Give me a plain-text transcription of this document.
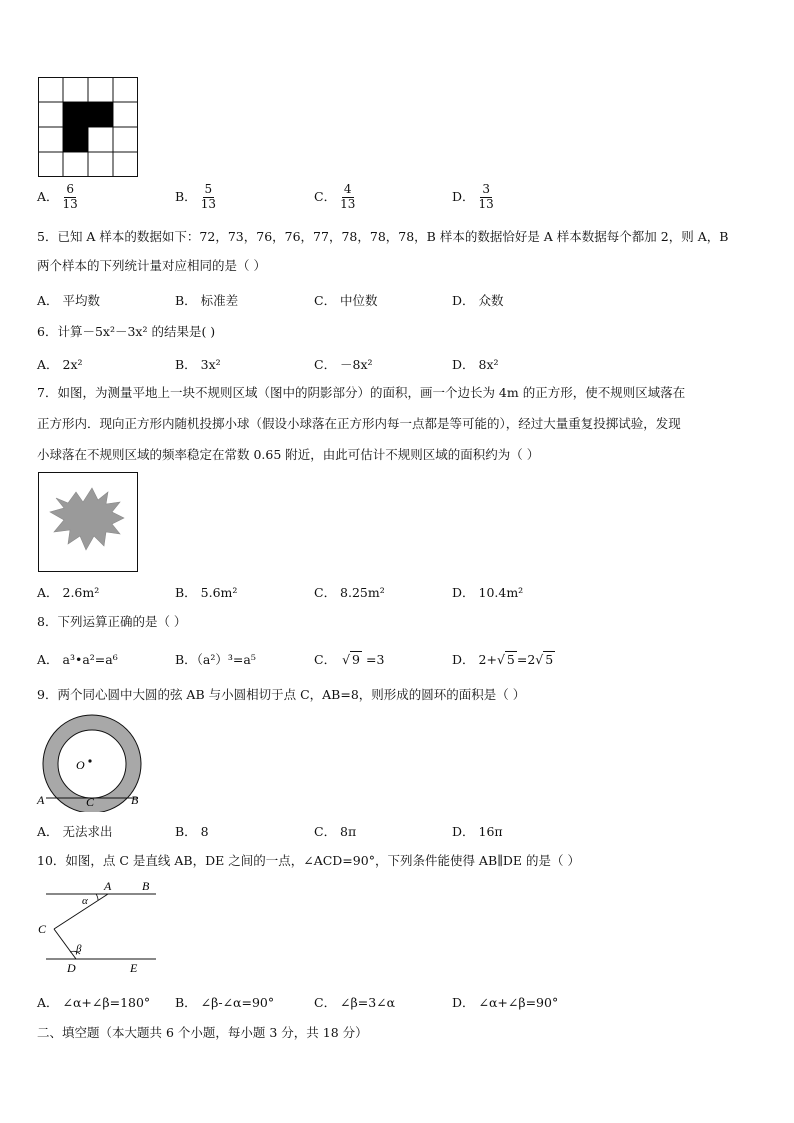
A． $\frac{6}{13}$	B． $\frac{5}{13}$	C． $\frac{4}{13}$	D． $\frac{3}{13}$
5．已知 A 样本的数据如下：72，73，76，76，77，78，78，78，B 样本的数据恰好是 A 样本数据每个都加 2，则 A，B
两个样本的下列统计量对应相同的是（ ）
A． 平均数	B． 标准差	C． 中位数	D． 众数
6．计算－5x²－3x² 的结果是( )
A． 2x²	B． 3x²	C． －8x²	D． 8x²
7．如图，为测量平地上一块不规则区域（图中的阴影部分）的面积，画一个边长为 4m 的正方形，使不规则区域落在
正方形内．现向正方形内随机投掷小球（假设小球落在正方形内每一点都是等可能的），经过大量重复投掷试验，发现
小球落在不规则区域的频率稳定在常数 0.65 附近，由此可估计不规则区域的面积约为（ ）
A． 2.6m²	B． 5.6m²	C． 8.25m²	D． 10.4m²
8．下列运算正确的是（ ）
A． a³•a²=a⁶	B．（a²）³=a⁵	C． √ 9 =3	D． 2+√ 5 =2√ 5
9．两个同心圆中大圆的弦 AB 与小圆相切于点 C，AB=8，则形成的圆环的面积是（ ）
O
A	B
C
A． 无法求出	B． 8	C． 8π	D． 16π
10．如图，点 C 是直线 AB，DE 之间的一点，∠ACD=90°，下列条件能使得 AB∥DE 的是（ ）
A	B
α
C
β
D	E
A． ∠α+∠β=180° B． ∠β-∠α=90°	C． ∠β=3∠α	D． ∠α+∠β=90°
二、填空题（本大题共 6 个小题，每小题 3 分，共 18 分）
